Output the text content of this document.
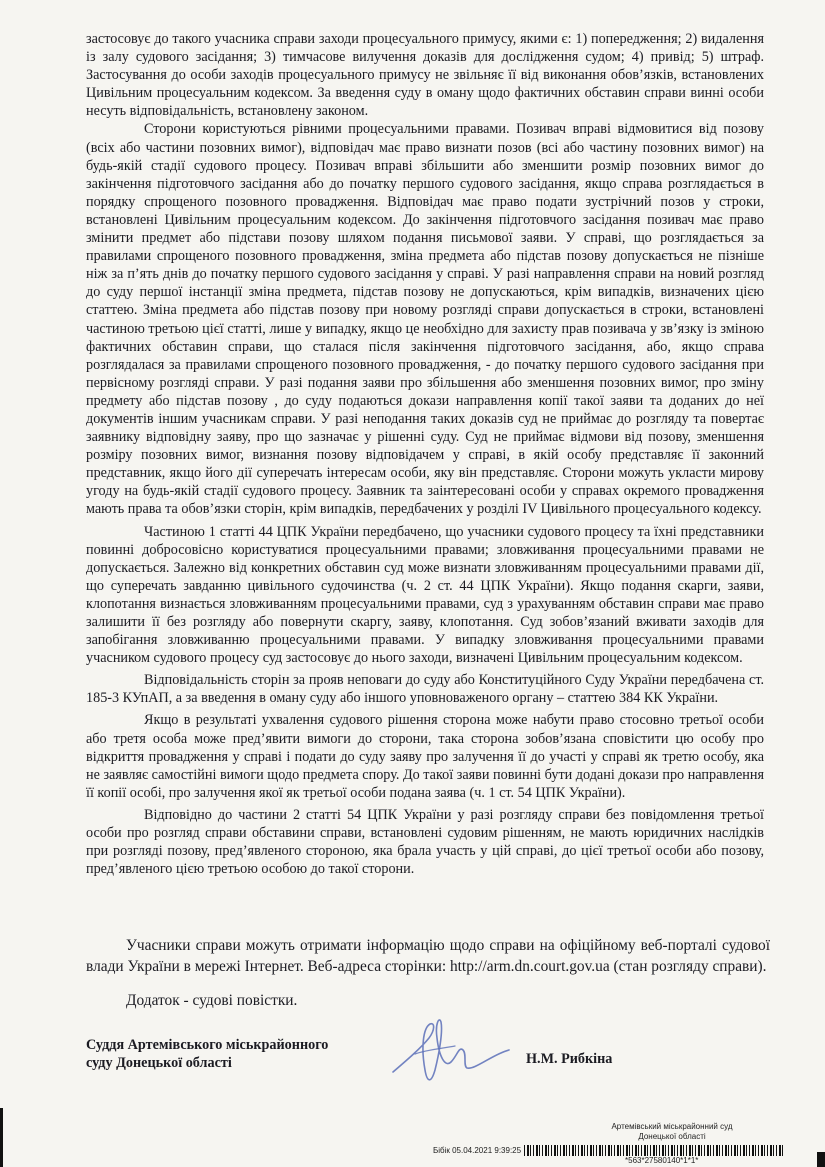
застосовує до такого учасника справи заходи процесуального примусу, якими є: 1) попередження; 2) видалення із залу судового засідання; 3) тимчасове вилучення доказів для дослідження судом; 4) привід; 5) штраф. Застосування до особи заходів процесуального примусу не звільняє її від виконання обов’язків, встановлених Цивільним процесуальним кодексом. За введення суду в оману щодо фактичних обставин справи винні особи несуть відповідальність, встановлену законом.

Сторони користуються рівними процесуальними правами. Позивач вправі відмовитися від позову (всіх або частини позовних вимог), відповідач має право визнати позов (всі або частину позовних вимог) на будь-якій стадії судового процесу. Позивач вправі збільшити або зменшити розмір позовних вимог до закінчення підготовчого засідання або до початку першого судового засідання, якщо справа розглядається в порядку спрощеного позовного провадження. Відповідач має право подати зустрічний позов у строки, встановлені Цивільним процесуальним кодексом. До закінчення підготовчого засідання позивач має право змінити предмет або підстави позову шляхом подання письмової заяви. У справі, що розглядається за правилами спрощеного позовного провадження, зміна предмета або підстав позову допускається не пізніше ніж за п’ять днів до початку першого судового засідання у справі. У разі направлення справи на новий розгляд до суду першої інстанції зміна предмета, підстав позову не допускаються, крім випадків, визначених цією статтею. Зміна предмета або підстав позову при новому розгляді справи допускається в строки, встановлені частиною третьою цієї статті, лише у випадку, якщо це необхідно для захисту прав позивача у зв’язку із зміною фактичних обставин справи, що сталася після закінчення підготовчого засідання, або, якщо справа розглядалася за правилами спрощеного позовного провадження, - до початку першого судового засідання при первісному розгляді справи. У разі подання заяви про збільшення або зменшення позовних вимог, про зміну предмету або підстав позову , до суду подаються докази направлення копії такої заяви та доданих до неї документів іншим учасникам справи. У разі неподання таких доказів суд не приймає до розгляду та повертає заявнику відповідну заяву, про що зазначає у рішенні суду. Суд не приймає відмови від позову, зменшення розміру позовних вимог, визнання позову відповідачем у справі, в якій особу представляє її законний представник, якщо його дії суперечать інтересам особи, яку він представляє. Сторони можуть укласти мирову угоду на будь-якій стадії судового процесу. Заявник та заінтересовані особи у справах окремого провадження мають права та обов’язки сторін, крім випадків, передбачених у розділі IV Цивільного процесуального кодексу.

Частиною 1 статті 44 ЦПК України передбачено, що учасники судового процесу та їхні представники повинні добросовісно користуватися процесуальними правами; зловживання процесуальними правами не допускається. Залежно від конкретних обставин суд може визнати зловживанням процесуальними правами дії, що суперечать завданню цивільного судочинства (ч. 2 ст. 44 ЦПК України). Якщо подання скарги, заяви, клопотання визнається зловживанням процесуальними правами, суд з урахуванням обставин справи має право залишити її без розгляду або повернути скаргу, заяву, клопотання. Суд зобов’язаний вживати заходів для запобігання зловживанню процесуальними правами. У випадку зловживання процесуальними правами учасником судового процесу суд застосовує до нього заходи, визначені Цивільним процесуальним кодексом.

Відповідальність сторін за прояв неповаги до суду або Конституційного Суду України передбачена ст. 185-3 КУпАП, а за введення в оману суду або іншого уповноваженого органу – статтею 384 КК України.

Якщо в результаті ухвалення судового рішення сторона може набути право стосовно третьої особи або третя особа може пред’явити вимоги до сторони, така сторона зобов’язана сповістити цю особу про відкриття провадження у справі і подати до суду заяву про залучення її до участі у справі як третю особу, яка не заявляє самостійні вимоги щодо предмета спору. До такої заяви повинні бути додані докази про направлення її копії особі, про залучення якої як третьої особи подана заява (ч. 1 ст. 54 ЦПК України).

Відповідно до частини 2 статті 54 ЦПК України у разі розгляду справи без повідомлення третьої особи про розгляд справи обставини справи, встановлені судовим рішенням, не мають юридичних наслідків при розгляді позову, пред’явленого стороною, яка брала участь у цій справі, до цієї третьої особи або позову, пред’явленого цією третьою особою до такої сторони.

Учасники справи можуть отримати інформацію щодо справи на офіційному веб-порталі судової влади України в мережі Інтернет. Веб-адреса сторінки: http://arm.dn.court.gov.ua (стан розгляду справи).

Додаток - судові повістки.
Суддя Артемівського міськрайонного
суду Донецької області	Н.М. Рибкіна
Артемівський міськрайонний суд
Донецької області
Бібік 05.04.2021 9:39:25
*563*27580140*1*1*
